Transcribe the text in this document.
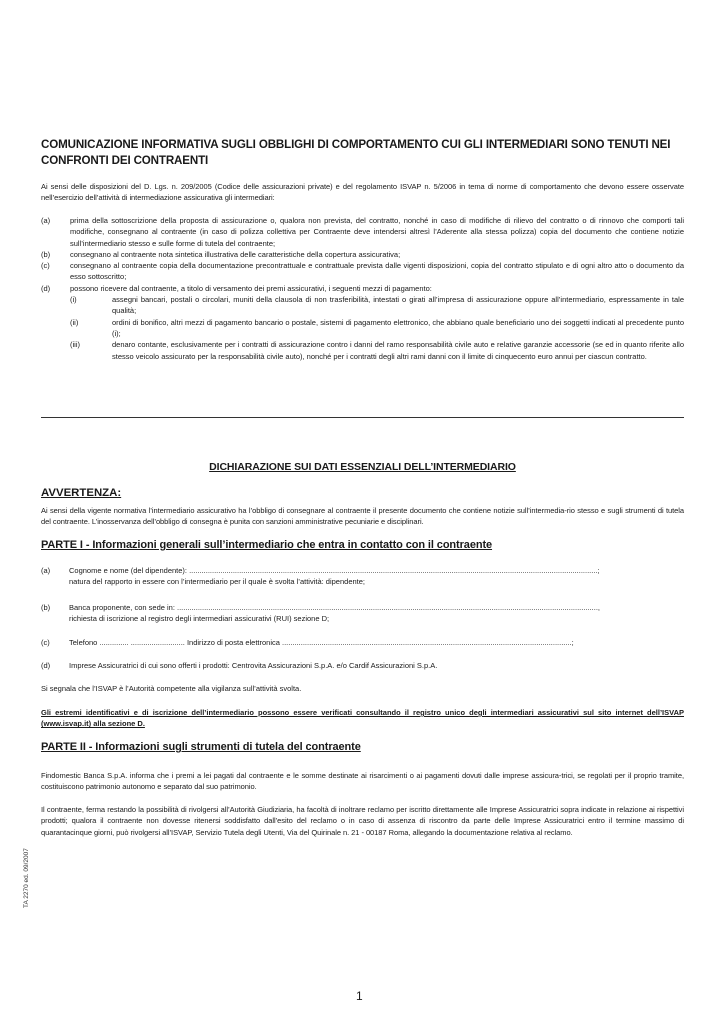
COMUNICAZIONE INFORMATIVA SUGLI OBBLIGHI DI COMPORTAMENTO CUI GLI INTERMEDIARI SONO TENUTI NEI CONFRONTI DEI CONTRAENTI

Ai sensi delle disposizioni del D. Lgs. n. 209/2005 (Codice delle assicurazioni private) e del regolamento ISVAP n. 5/2006 in tema di norme di comportamento che devono essere osservate nell’esercizio dell’attività di intermediazione assicurativa gli intermediari:

(a)	prima della sottoscrizione della proposta di assicurazione o, qualora non prevista, del contratto, nonché in caso di modifiche di rilievo del contratto o di rinnovo che comporti tali modifiche, consegnano al contraente (in caso di polizza collettiva per Contraente deve intendersi altresì l’Aderente alla stessa polizza) copia del documento che contiene notizie sull’intermediario stesso e sulle forme di tutela del contraente;
(b)	consegnano al contraente nota sintetica illustrativa delle caratteristiche della copertura assicurativa;
(c)	consegnano al contraente copia della documentazione precontrattuale e contrattuale prevista dalle vigenti disposizioni, copia del contratto stipulato e di ogni altro atto o documento da esso sottoscritto;
(d)	possono ricevere dal contraente, a titolo di versamento dei premi assicurativi, i seguenti mezzi di pagamento:
(i)	assegni bancari, postali o circolari, muniti della clausola di non trasferibilità, intestati o girati all’impresa di assicurazione oppure all’intermediario, espressamente in tale qualità;
(ii)	ordini di bonifico, altri mezzi di pagamento bancario o postale, sistemi di pagamento elettronico, che abbiano quale beneficiario uno dei soggetti indicati al precedente punto (i);
(iii)	denaro contante, esclusivamente per i contratti di assicurazione contro i danni del ramo responsabilità civile auto e relative garanzie accessorie (se ed in quanto riferite allo stesso veicolo assicurato per la responsabilità civile auto), nonché per i contratti degli altri rami danni con il limite di cinquecento euro annui per ciascun contratto.
DICHIARAZIONE SUI DATI ESSENZIALI DELL’INTERMEDIARIO
AVVERTENZA:

Ai sensi della vigente normativa l’intermediario assicurativo ha l’obbligo di consegnare al contraente il presente documento che contiene notizie sull’intermedia-rio stesso e sugli strumenti di tutela del contraente. L’inosservanza dell’obbligo di consegna è punita con sanzioni amministrative pecuniarie e disciplinari.

PARTE I - Informazioni generali sull’intermediario che entra in contatto con il contraente
(a)	Cognome e nome (del dipendente): ....................................................................................................................................................................................................;
natura del rapporto in essere con l’intermediario per il quale è svolta l’attività: dipendente;
(b)	Banca proponente, con sede in: ..........................................................................................................................................................................................................,
richiesta di iscrizione al registro degli intermediari assicurativi (RUI) sezione D;
(c)	Telefono .............. .......................... Indirizzo di posta elettronica ...........................................................................................................................................;
(d)	Imprese Assicuratrici di cui sono offerti i prodotti: Centrovita Assicurazioni S.p.A. e/o Cardif Assicurazioni S.p.A.

Si segnala che l’ISVAP è l’Autorità competente alla vigilanza sull’attività svolta.

Gli estremi identificativi e di iscrizione dell’intermediario possono essere verificati consultando il registro unico degli intermediari assicurativi sul sito internet dell’ISVAP (www.isvap.it) alla sezione D.

PARTE II - Informazioni sugli strumenti di tutela del contraente

Findomestic Banca S.p.A. informa che i premi a lei pagati dal contraente e le somme destinate ai risarcimenti o ai pagamenti dovuti dalle imprese assicura-trici, se regolati per il proprio tramite, costituiscono patrimonio autonomo e separato dal suo patrimonio.

Il contraente, ferma restando la possibilità di rivolgersi all’Autorità Giudiziaria, ha facoltà di inoltrare reclamo per iscritto direttamente alle Imprese Assicuratrici sopra indicate in relazione ai rispettivi prodotti; qualora il contraente non dovesse ritenersi soddisfatto dall’esito del reclamo o in caso di assenza di riscontro da parte delle Imprese Assicuratrici entro il termine massimo di quarantacinque giorni, può rivolgersi all’ISVAP, Servizio Tutela degli Utenti, Via del Quirinale n. 21 - 00187 Roma, allegando la documentazione relativa al reclamo.

TA 2270 ed. 09/2007
1
